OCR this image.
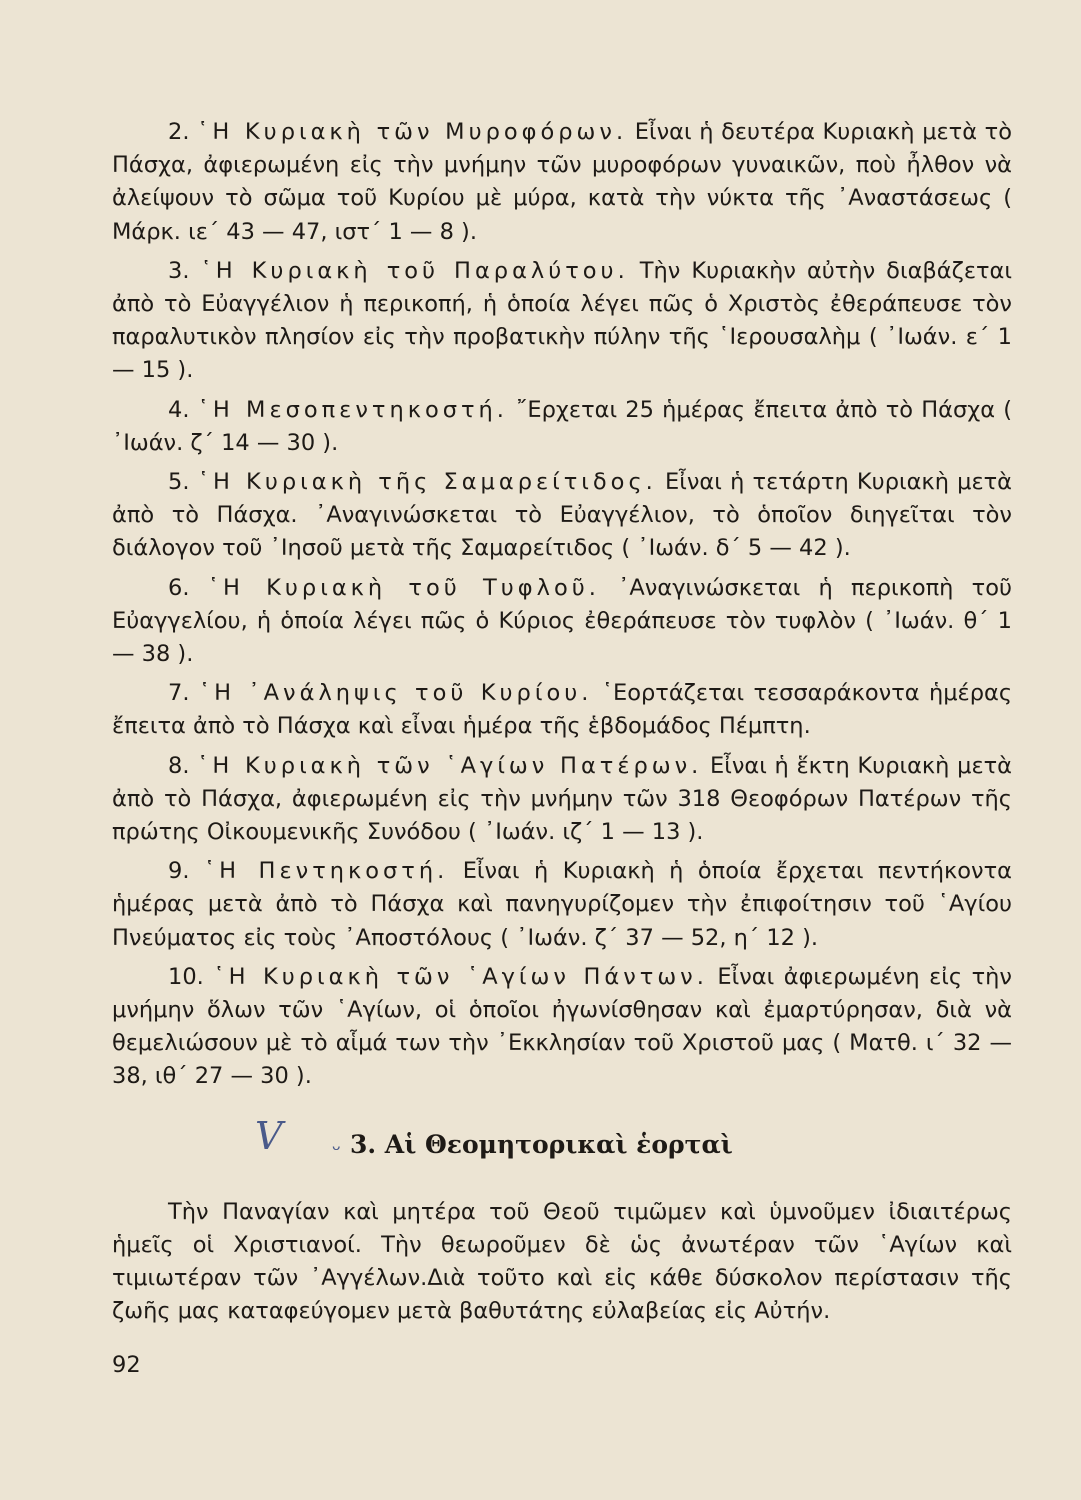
2. ῾Η Κυριακὴ τῶν Μυροφόρων. Εἶναι ἡ δευτέρα Κυριακὴ μετὰ τὸ Πάσχα, ἀφιερωμένη εἰς τὴν μνήμην τῶν μυροφόρων γυναικῶν, ποὺ ἦλθον νὰ ἀλείψουν τὸ σῶμα τοῦ Κυρίου μὲ μύρα, κατὰ τὴν νύκτα τῆς ᾿Αναστάσεως ( Μάρκ. ιε΄ 43 — 47, ιστ΄ 1 — 8 ).

3. ῾Η Κυριακὴ τοῦ Παραλύτου. Τὴν Κυριακὴν αὐτὴν διαβάζεται ἀπὸ τὸ Εὐαγγέλιον ἡ περικοπή, ἡ ὁποία λέγει πῶς ὁ Χριστὸς ἐθεράπευσε τὸν παραλυτικὸν πλησίον εἰς τὴν προβατικὴν πύλην τῆς ῾Ιερουσαλὴμ ( ᾿Ιωάν. ε΄ 1 — 15 ).

4. ῾Η Μεσοπεντηκοστή. ῎Ερχεται 25 ἡμέρας ἔπειτα ἀπὸ τὸ Πάσχα ( ᾿Ιωάν. ζ΄ 14 — 30 ).

5. ῾Η Κυριακὴ τῆς Σαμαρείτιδος. Εἶναι ἡ τετάρτη Κυριακὴ μετὰ ἀπὸ τὸ Πάσχα. ᾿Αναγινώσκεται τὸ Εὐαγγέλιον, τὸ ὁποῖον διηγεῖται τὸν διάλογον τοῦ ᾿Ιησοῦ μετὰ τῆς Σαμαρείτιδος ( ᾿Ιωάν. δ΄ 5 — 42 ).

6. ῾Η Κυριακὴ τοῦ Τυφλοῦ. ᾿Αναγινώσκεται ἡ περικοπὴ τοῦ Εὐαγγελίου, ἡ ὁποία λέγει πῶς ὁ Κύριος ἐθεράπευσε τὸν τυφλὸν ( ᾿Ιωάν. θ΄ 1 — 38 ).

7. ῾Η ᾿Ανάληψις τοῦ Κυρίου. ῾Εορτάζεται τεσσαράκοντα ἡμέρας ἔπειτα ἀπὸ τὸ Πάσχα καὶ εἶναι ἡμέρα τῆς ἑβδομάδος Πέμπτη.

8. ῾Η Κυριακὴ τῶν ῾Αγίων Πατέρων. Εἶναι ἡ ἕκτη Κυριακὴ μετὰ ἀπὸ τὸ Πάσχα, ἀφιερωμένη εἰς τὴν μνήμην τῶν 318 Θεοφόρων Πατέρων τῆς πρώτης Οἰκουμενικῆς Συνόδου ( ᾿Ιωάν. ιζ΄ 1 — 13 ).

9. ῾Η Πεντηκοστή. Εἶναι ἡ Κυριακὴ ἡ ὁποία ἔρχεται πεντήκοντα ἡμέρας μετὰ ἀπὸ τὸ Πάσχα καὶ πανηγυρίζομεν τὴν ἐπιφοίτησιν τοῦ ῾Αγίου Πνεύματος εἰς τοὺς ᾿Αποστόλους ( ᾿Ιωάν. ζ΄ 37 — 52, η΄ 12 ).

10. ῾Η Κυριακὴ τῶν ῾Αγίων Πάντων. Εἶναι ἀφιερωμένη εἰς τὴν μνήμην ὅλων τῶν ῾Αγίων, οἱ ὁποῖοι ἠγωνίσθησαν καὶ ἐμαρτύρησαν, διὰ νὰ θεμελιώσουν μὲ τὸ αἷμά των τὴν ᾿Εκκλησίαν τοῦ Χριστοῦ μας ( Ματθ. ι΄ 32 — 38, ιθ΄ 27 — 30 ).

V ᵕ 3. Αἱ Θεομητορικαὶ ἑορταὶ

Τὴν Παναγίαν καὶ μητέρα τοῦ Θεοῦ τιμῶμεν καὶ ὑμνοῦμεν ἰδιαιτέρως ἡμεῖς οἱ Χριστιανοί. Τὴν θεωροῦμεν δὲ ὡς ἀνωτέραν τῶν ῾Αγίων καὶ τιμιωτέραν τῶν ᾿Αγγέλων.Διὰ τοῦτο καὶ εἰς κάθε δύσκολον περίστασιν τῆς ζωῆς μας καταφεύγομεν μετὰ βαθυτάτης εὐλαβείας εἰς Αὐτήν.

92
